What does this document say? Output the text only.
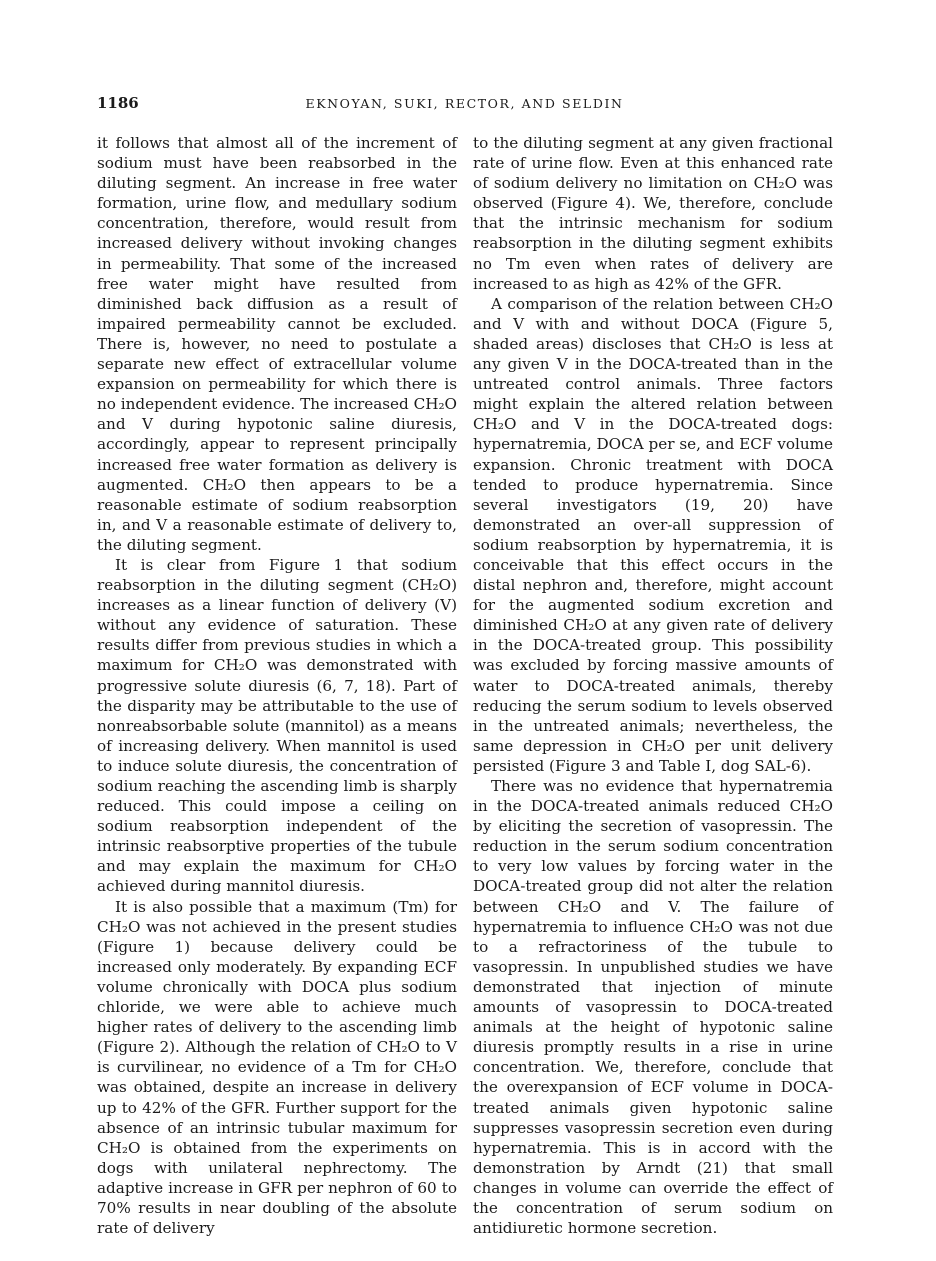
1186	EKNOYAN, SUKI, RECTOR, AND SELDIN

it follows that almost all of the increment of sodium must have been reabsorbed in the diluting segment. An increase in free water formation, urine flow, and medullary sodium concentration, therefore, would result from increased delivery without invoking changes in permeability. That some of the increased free water might have resulted from diminished back diffusion as a result of impaired permeability cannot be excluded. There is, however, no need to postulate a separate new effect of extracellular volume expansion on permeability for which there is no independent evidence. The increased CH₂O and V during hypotonic saline diuresis, accordingly, appear to represent principally increased free water formation as delivery is augmented. CH₂O then appears to be a reasonable estimate of sodium reabsorption in, and V a reasonable estimate of delivery to, the diluting segment.

It is clear from Figure 1 that sodium reabsorption in the diluting segment (CH₂O) increases as a linear function of delivery (V) without any evidence of saturation. These results differ from previous studies in which a maximum for CH₂O was demonstrated with progressive solute diuresis (6, 7, 18). Part of the disparity may be attributable to the use of nonreabsorbable solute (mannitol) as a means of increasing delivery. When mannitol is used to induce solute diuresis, the concentration of sodium reaching the ascending limb is sharply reduced. This could impose a ceiling on sodium reabsorption independent of the intrinsic reabsorptive properties of the tubule and may explain the maximum for CH₂O achieved during mannitol diuresis.

It is also possible that a maximum (Tm) for CH₂O was not achieved in the present studies (Figure 1) because delivery could be increased only moderately. By expanding ECF volume chronically with DOCA plus sodium chloride, we were able to achieve much higher rates of delivery to the ascending limb (Figure 2). Although the relation of CH₂O to V is curvilinear, no evidence of a Tm for CH₂O was obtained, despite an increase in delivery up to 42% of the GFR. Further support for the absence of an intrinsic tubular maximum for CH₂O is obtained from the experiments on dogs with unilateral nephrectomy. The adaptive increase in GFR per nephron of 60 to 70% results in near doubling of the absolute rate of delivery

to the diluting segment at any given fractional rate of urine flow. Even at this enhanced rate of sodium delivery no limitation on CH₂O was observed (Figure 4). We, therefore, conclude that the intrinsic mechanism for sodium reabsorption in the diluting segment exhibits no Tm even when rates of delivery are increased to as high as 42% of the GFR.

A comparison of the relation between CH₂O and V with and without DOCA (Figure 5, shaded areas) discloses that CH₂O is less at any given V in the DOCA-treated than in the untreated control animals. Three factors might explain the altered relation between CH₂O and V in the DOCA-treated dogs: hypernatremia, DOCA per se, and ECF volume expansion. Chronic treatment with DOCA tended to produce hypernatremia. Since several investigators (19, 20) have demonstrated an over-all suppression of sodium reabsorption by hypernatremia, it is conceivable that this effect occurs in the distal nephron and, therefore, might account for the augmented sodium excretion and diminished CH₂O at any given rate of delivery in the DOCA-treated group. This possibility was excluded by forcing massive amounts of water to DOCA-treated animals, thereby reducing the serum sodium to levels observed in the untreated animals; nevertheless, the same depression in CH₂O per unit delivery persisted (Figure 3 and Table I, dog SAL-6).

There was no evidence that hypernatremia in the DOCA-treated animals reduced CH₂O by eliciting the secretion of vasopressin. The reduction in the serum sodium concentration to very low values by forcing water in the DOCA-treated group did not alter the relation between CH₂O and V. The failure of hypernatremia to influence CH₂O was not due to a refractoriness of the tubule to vasopressin. In unpublished studies we have demonstrated that injection of minute amounts of vasopressin to DOCA-treated animals at the height of hypotonic saline diuresis promptly results in a rise in urine concentration. We, therefore, conclude that the overexpansion of ECF volume in DOCA-treated animals given hypotonic saline suppresses vasopressin secretion even during hypernatremia. This is in accord with the demonstration by Arndt (21) that small changes in volume can override the effect of the concentration of serum sodium on antidiuretic hormone secretion.
